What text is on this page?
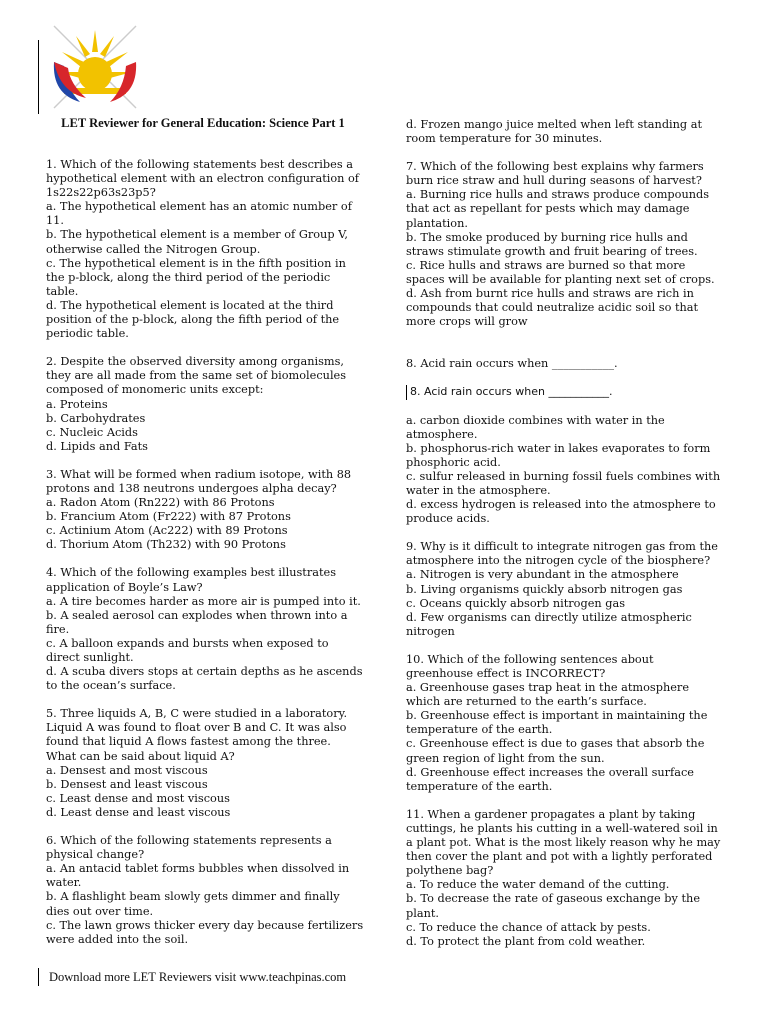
LET Reviewer for General Education: Science Part 1

1. Which of the following statements best describes a hypothetical element with an electron configuration of 1s22s22p63s23p5?

a. The hypothetical element has an atomic number of 11.

b. The hypothetical element is a member of Group V, otherwise called the Nitrogen Group.

c. The hypothetical element is in the fifth position in the p-block, along the third period of the periodic table.

d. The hypothetical element is located at the third position of the p-block, along the fifth period of the periodic table.

2. Despite the observed diversity among organisms, they are all made from the same set of biomolecules composed of monomeric units except:

a. Proteins

b. Carbohydrates

c. Nucleic Acids

d. Lipids and Fats

3. What will be formed when radium isotope, with 88 protons and 138 neutrons undergoes alpha decay?

a. Radon Atom (Rn222) with 86 Protons

b. Francium Atom (Fr222) with 87 Protons

c. Actinium Atom (Ac222) with 89 Protons

d. Thorium Atom (Th232) with 90 Protons

4. Which of the following examples best illustrates application of Boyle’s Law?

a. A tire becomes harder as more air is pumped into it.

b. A sealed aerosol can explodes when thrown into a fire.

c. A balloon expands and bursts when exposed to direct sunlight.

d. A scuba divers stops at certain depths as he ascends to the ocean’s surface.

5. Three liquids A, B, C were studied in a laboratory. Liquid A was found to float over B and C. It was also found that liquid A flows fastest among the three. What can be said about liquid A?

a. Densest and most viscous

b. Densest and least viscous

c. Least dense and most viscous

d. Least dense and least viscous

6. Which of the following statements represents a physical change?

a. An antacid tablet forms bubbles when dissolved in water.

b. A flashlight beam slowly gets dimmer and finally dies out over time.

c. The lawn grows thicker every day because fertilizers were added into the soil.

d. Frozen mango juice melted when left standing at room temperature for 30 minutes.

7. Which of the following best explains why farmers burn rice straw and hull during seasons of harvest?

a. Burning rice hulls and straws produce compounds that act as repellant for pests which may damage plantation.

b. The smoke produced by burning rice hulls and straws stimulate growth and fruit bearing of trees.

c. Rice hulls and straws are burned so that more spaces will be available for planting next set of crops.

d. Ash from burnt rice hulls and straws are rich in compounds that could neutralize acidic soil so that more crops will grow

8. Acid rain occurs when ___________.

8. Acid rain occurs when ___________.

a. carbon dioxide combines with water in the atmosphere.

b. phosphorus-rich water in lakes evaporates to form phosphoric acid.

c. sulfur released in burning fossil fuels combines with water in the atmosphere.

d. excess hydrogen is released into the atmosphere to produce acids.

9. Why is it difficult to integrate nitrogen gas from the atmosphere into the nitrogen cycle of the biosphere?

a. Nitrogen is very abundant in the atmosphere

b. Living organisms quickly absorb nitrogen gas

c. Oceans quickly absorb nitrogen gas

d. Few organisms can directly utilize atmospheric nitrogen

10. Which of the following sentences about greenhouse effect is INCORRECT?

a. Greenhouse gases trap heat in the atmosphere which are returned to the earth’s surface.

b. Greenhouse effect is important in maintaining the temperature of the earth.

c. Greenhouse effect is due to gases that absorb the green region of light from the sun.

d. Greenhouse effect increases the overall surface temperature of the earth.

11. When a gardener propagates a plant by taking cuttings, he plants his cutting in a well-watered soil in a plant pot. What is the most likely reason why he may then cover the plant and pot with a lightly perforated polythene bag?

a. To reduce the water demand of the cutting.

b. To decrease the rate of gaseous exchange by the plant.

c. To reduce the chance of attack by pests.

d. To protect the plant from cold weather.

Download more LET Reviewers visit www.teachpinas.com
